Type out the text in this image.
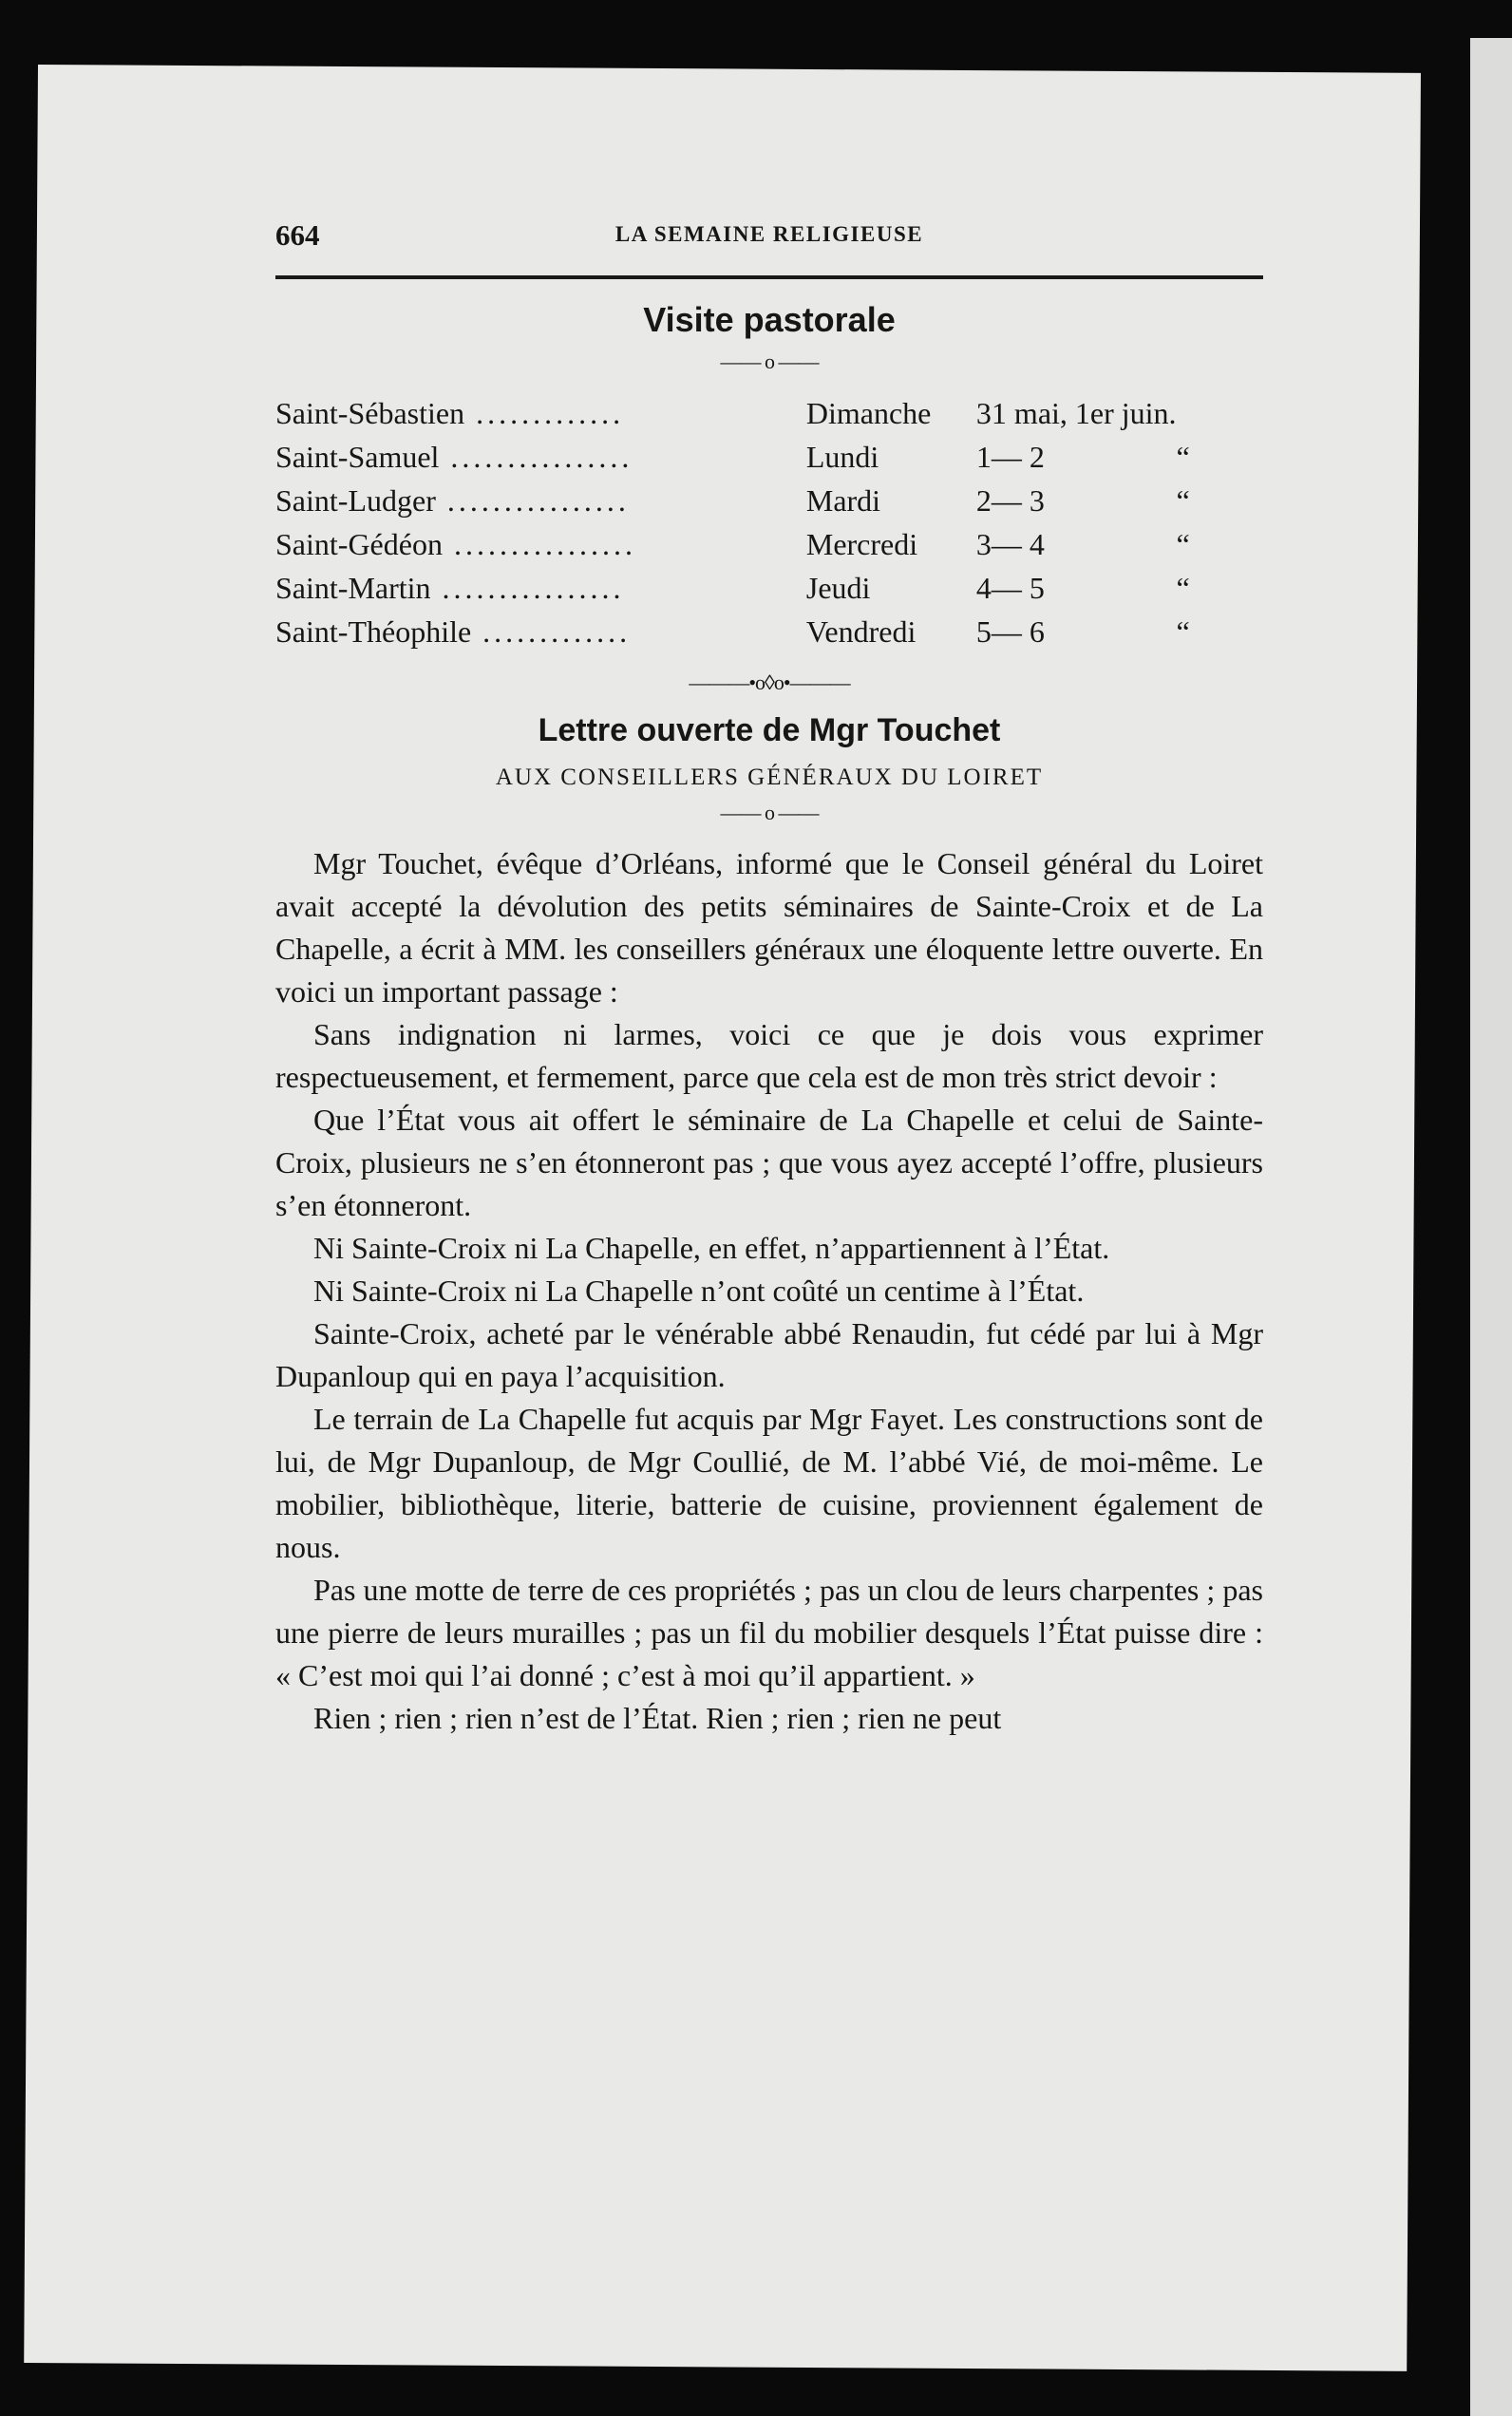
664	LA SEMAINE RELIGIEUSE
Visite pastorale
—— o ——
Saint-Sébastien .............	Dimanche	31 mai, 1er juin.	
Saint-Samuel ................	Lundi	1— 2	“
Saint-Ludger ................	Mardi	2— 3	“
Saint-Gédéon ................	Mercredi	3— 4	“
Saint-Martin ................	Jeudi	4— 5	“
Saint-Théophile .............	Vendredi	5— 6	“
———•o◊o•———
Lettre ouverte de Mgr Touchet
AUX CONSEILLERS GÉNÉRAUX DU LOIRET
—— o ——

Mgr Touchet, évêque d’Orléans, informé que le Conseil général du Loiret avait accepté la dévolution des petits séminaires de Sainte-Croix et de La Chapelle, a écrit à MM. les conseillers généraux une éloquente lettre ouverte. En voici un important passage :

Sans indignation ni larmes, voici ce que je dois vous exprimer respectueusement, et fermement, parce que cela est de mon très strict devoir :

Que l’État vous ait offert le séminaire de La Chapelle et celui de Sainte-Croix, plusieurs ne s’en étonneront pas ; que vous ayez accepté l’offre, plusieurs s’en étonneront.

Ni Sainte-Croix ni La Chapelle, en effet, n’appartiennent à l’État.

Ni Sainte-Croix ni La Chapelle n’ont coûté un centime à l’État.

Sainte-Croix, acheté par le vénérable abbé Renaudin, fut cédé par lui à Mgr Dupanloup qui en paya l’acquisition.

Le terrain de La Chapelle fut acquis par Mgr Fayet. Les constructions sont de lui, de Mgr Dupanloup, de Mgr Coullié, de M. l’abbé Vié, de moi-même. Le mobilier, bibliothèque, literie, batterie de cuisine, proviennent également de nous.

Pas une motte de terre de ces propriétés ; pas un clou de leurs charpentes ; pas une pierre de leurs murailles ; pas un fil du mobilier desquels l’État puisse dire : « C’est moi qui l’ai donné ; c’est à moi qu’il appartient. »

Rien ; rien ; rien n’est de l’État. Rien ; rien ; rien ne peut
